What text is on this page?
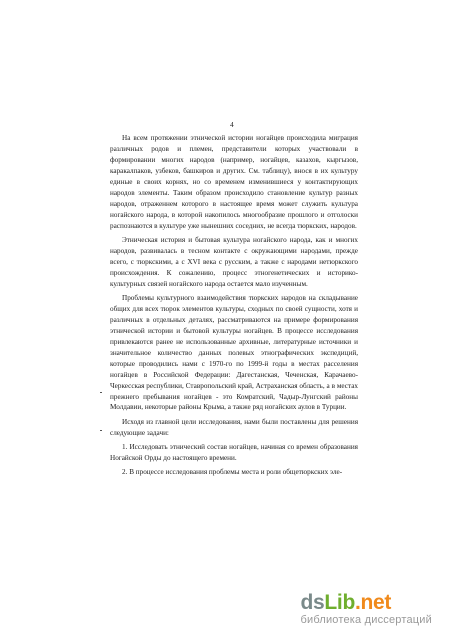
4

На всем протяжении этнической истории ногайцев происходила миграция различных родов и племен, представители которых участвовали в формировании многих народов (например, ногайцев, казахов, кыргызов, каракалпаков, узбеков, башкиров и других. См. таблицу), внося в их культуру единые в своих корнях, но со временем изменившиеся у контактирующих народов элементы. Таким образом происходило становление культур разных народов, отраженнем которого в настоящее время может служить культура ногайского народа, в которой накопилось многообразие прошлого и отголоски распознаются в культуре уже нынешних соседних, не всегда тюркских, народов.

Этническая история и бытовая культура ногайского народа, как и многих народов, развивалась в тесном контакте с окружающими народами, прежде всего, с тюркскими, а с XVI века с русским, а также с народами нетюркского происхождения. К сожалению, процесс этногенетических и историко-культурных связей ногайского народа остается мало изученным.

Проблемы культурного взаимодействия тюркских народов на складывание общих для всех тюрок элементов культуры, сходных по своей сущности, хотя и различных в отдельных деталях, рассматриваются на примере формирования этнической истории и бытовой культуры ногайцев. В процессе исследования привлекаются ранее не использованные архивные, литературные источники и значительное количество данных полевых этнографических экспедиций, которые проводились нами с 1970-го по 1999-й годы в местах расселения ногайцев в Российской Федерации: Дагестанская, Чеченская, Карачаево-Черкесская республики, Ставропольский край, Астраханская область, а в местах прежнего пребывания ногайцев - это Комратский, Чадыр-Лунгский районы Молдавии, некоторые районы Крыма, а также ряд ногайских аулов в Турции.

Исходя из главной цели исследования, нами были поставлены для решения следующие задачи:

1. Исследовать этнический состав ногайцев, начиная со времен образования Ногайской Орды до настоящего времени.

2. В процессе исследования проблемы места и роли общетюркских эле-

dsLib.net
библиотека диссертаций
